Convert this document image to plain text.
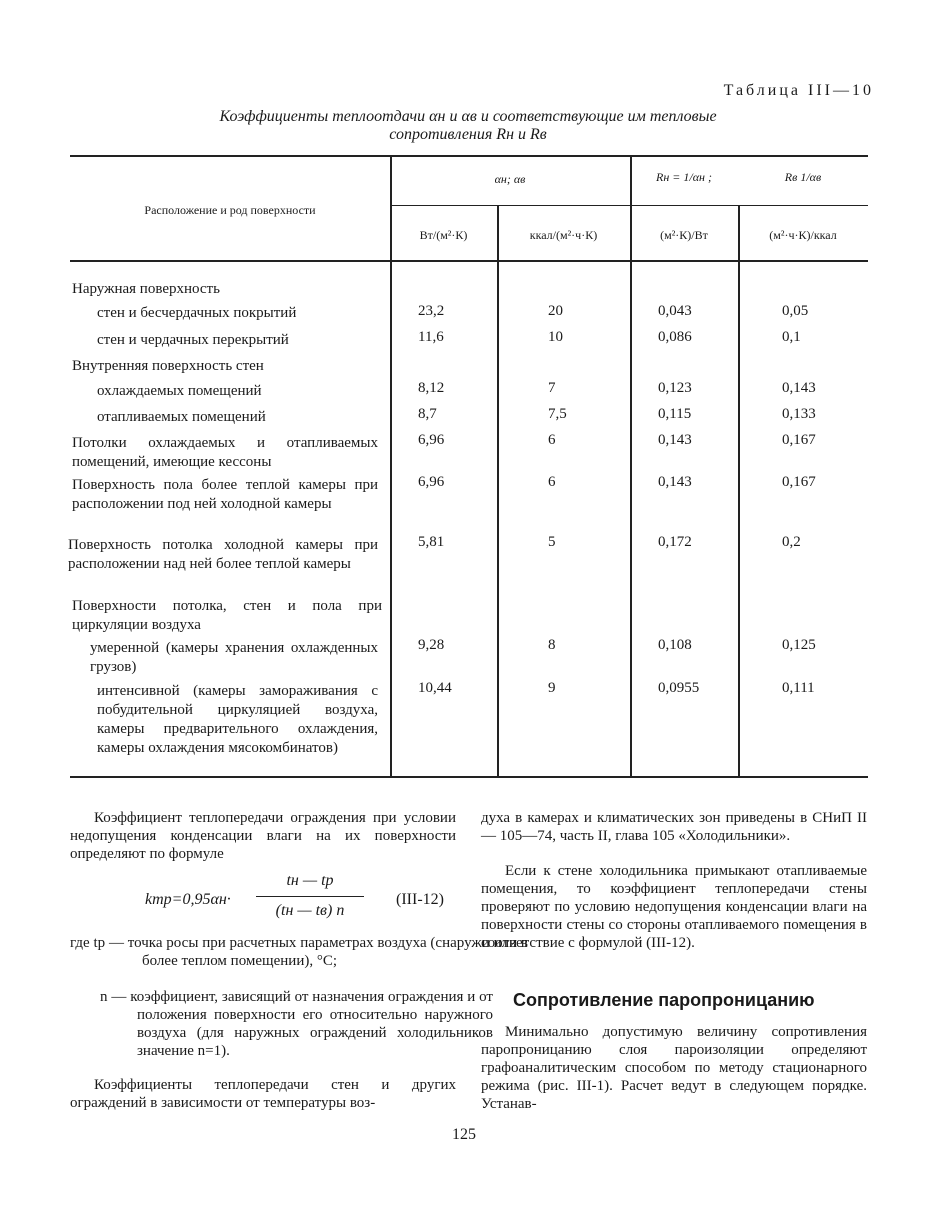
Таблица III—10
Коэффициенты теплоотдачи αн и αв и соответствующие им тепловые
сопротивления Rн и Rв
Расположение и род поверхности
αн; αв	Rн = 1/αн ;	Rв 1/αв
Вт/(м²·К)	ккал/(м²·ч·К)	(м²·К)/Вт	(м²·ч·К)/ккал
Наружная поверхность
стен и бесчердачных покрытий	23,2	20	0,043	0,05
стен и чердачных перекрытий	11,6	10	0,086	0,1
Внутренняя поверхность стен
охлаждаемых помещений	8,12	7	0,123	0,143
отапливаемых помещений	8,7	7,5	0,115	0,133
Потолки охлаждаемых и отапливаемых помещений, имеющие кессоны
6,96	6	0,143	0,167
Поверхность пола более теплой камеры при расположении под ней холодной камеры
6,96	6	0,143	0,167
Поверхность потолка холодной камеры при расположении над ней более теплой камеры
5,81	5	0,172	0,2
Поверхности потолка, стен и пола при циркуляции воздуха
умеренной (камеры хранения охлажденных грузов)
9,28	8	0,108	0,125
интенсивной (камеры замораживания с побудительной циркуляцией воздуха, камеры предварительного охлаждения, камеры охлаждения мясокомбинатов)
10,44	9	0,0955	0,111
Коэффициент теплопередачи ограждения при условии недопущения конденсации влаги на их поверхности определяют по формуле
kтр=0,95αн·
tн — tр
(tн — tв) n
(III-12)
где tр — точка росы при расчетных параметрах воздуха (снаружи или в более теплом помещении), °С;
n — коэффициент, зависящий от назначения ограждения и от положения поверхности его относительно наружного воздуха (для наружных ограждений холодильников значение n=1).
Коэффициенты теплопередачи стен и других ограждений в зависимости от температуры воз-
духа в камерах и климатических зон приведены в СНиП II — 105—74, часть II, глава 105 «Холодильники».
Если к стене холодильника примыкают отапливаемые помещения, то коэффициент теплопередачи стены проверяют по условию недопущения конденсации влаги на поверхности стены со стороны отапливаемого помещения в соответствие с формулой (III-12).
Сопротивление паропроницанию
Минимально допустимую величину сопротивления паропроницанию слоя пароизоляции определяют графоаналитическим способом по методу стационарного режима (рис. III-1). Расчет ведут в следующем порядке. Устанав-
125
